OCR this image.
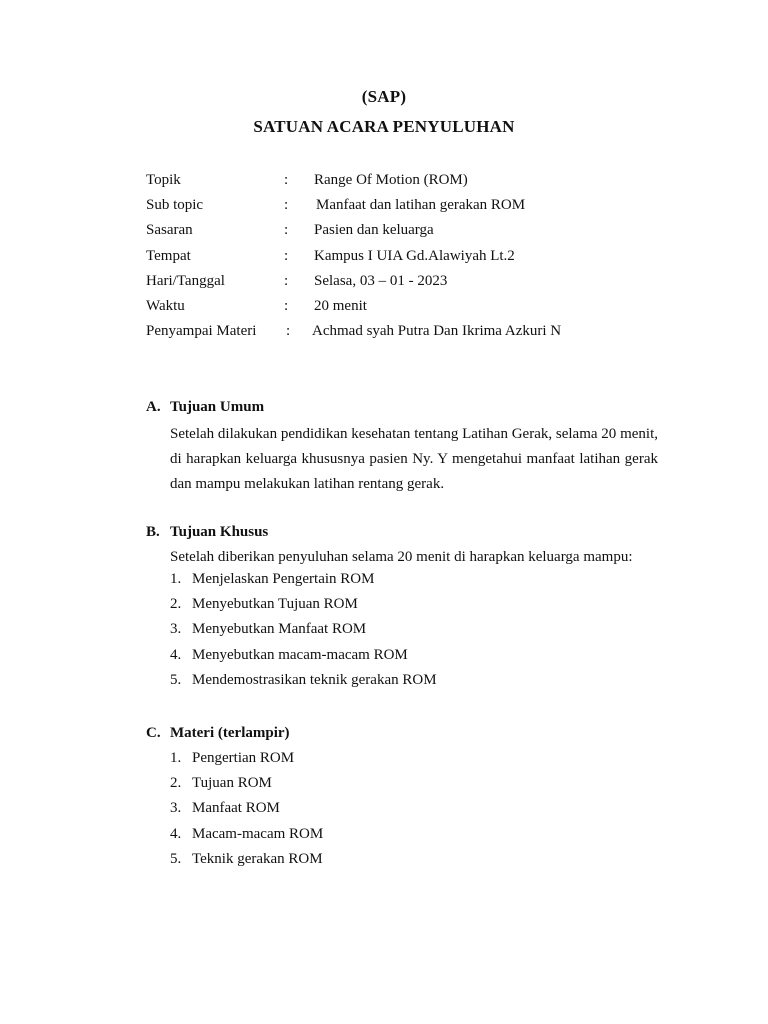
(SAP)
SATUAN ACARA PENYULUHAN
Topik	: Range Of Motion (ROM)
Sub topic	: Manfaat dan latihan gerakan ROM
Sasaran	: Pasien dan keluarga
Tempat	: Kampus I UIA Gd.Alawiyah Lt.2
Hari/Tanggal	: Selasa, 03 – 01 - 2023
Waktu	: 20 menit
Penyampai Materi : Achmad syah Putra Dan Ikrima Azkuri N
A. Tujuan Umum
Setelah dilakukan pendidikan kesehatan tentang Latihan Gerak, selama 20 menit, di harapkan keluarga khususnya pasien Ny. Y mengetahui manfaat latihan gerak dan mampu melakukan latihan rentang gerak.
B. Tujuan Khusus
Setelah diberikan penyuluhan selama 20 menit di harapkan keluarga mampu:
1. Menjelaskan Pengertain ROM
2. Menyebutkan Tujuan ROM
3. Menyebutkan Manfaat ROM
4. Menyebutkan macam-macam ROM
5. Mendemostrasikan teknik gerakan ROM
C. Materi (terlampir)
1. Pengertian ROM
2. Tujuan ROM
3. Manfaat ROM
4. Macam-macam ROM
5. Teknik gerakan ROM
